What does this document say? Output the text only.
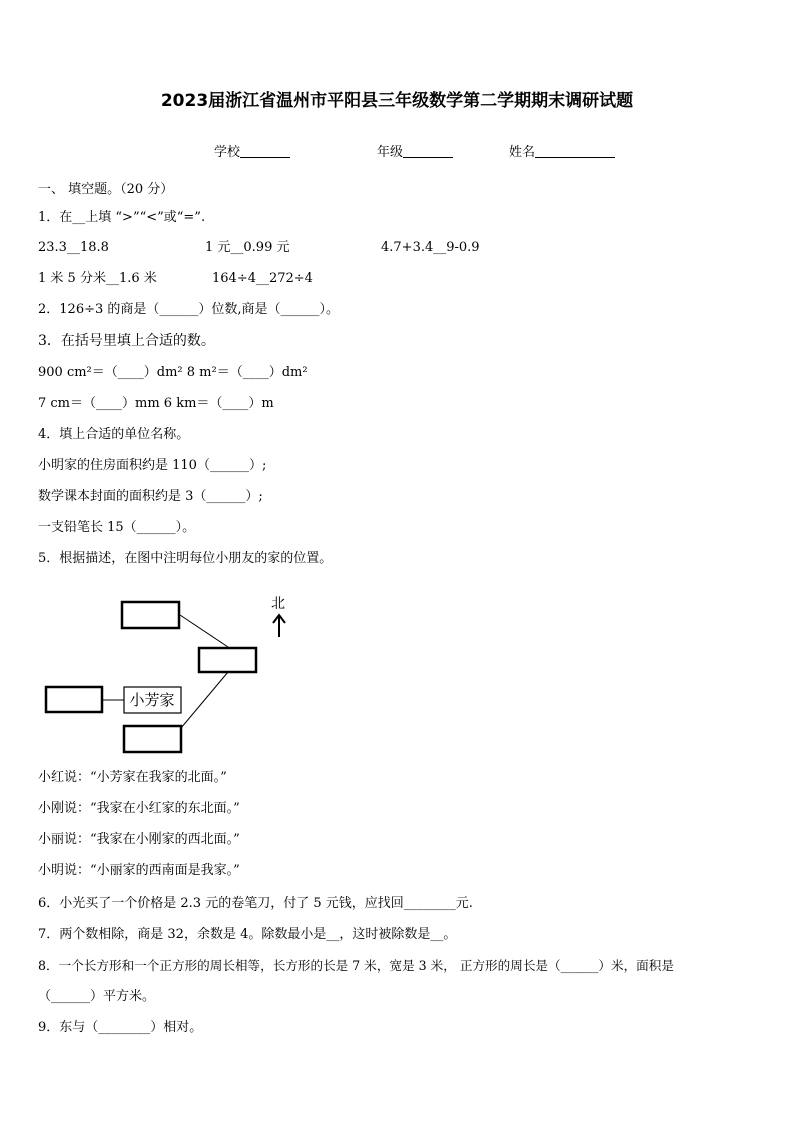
2023届浙江省温州市平阳县三年级数学第二学期期末调研试题
学校	年级	姓名
一、 填空题。（20 分）
1．在__上填 “>”“<”或“=”.
23.3__18.8	1 元__0.99 元	4.7+3.4__9-0.9
1 米 5 分米__1.6 米	164÷4__272÷4
2．126÷3 的商是（______）位数,商是（______）。
3．在括号里填上合适的数。
900 cm²＝（____）dm² 8 m²＝（____）dm²
7 cm＝（____）mm 6 km＝（____）m
4．填上合适的单位名称。
小明家的住房面积约是 110（______）;
数学课本封面的面积约是 3（______）;
一支铅笔长 15（______）。
5．根据描述，在图中注明每位小朋友的家的位置。
小芳家
北
小红说：“小芳家在我家的北面。”
小刚说：“我家在小红家的东北面。”
小丽说：“我家在小刚家的西北面。”
小明说：“小丽家的西南面是我家。”
6．小光买了一个价格是 2.3 元的卷笔刀，付了 5 元钱，应找回________元.
7．两个数相除，商是 32，余数是 4。除数最小是__，这时被除数是__。
8．一个长方形和一个正方形的周长相等，长方形的长是 7 米，宽是 3 米， 正方形的周长是（______）米，面积是
（______）平方米。
9．东与（________）相对。
